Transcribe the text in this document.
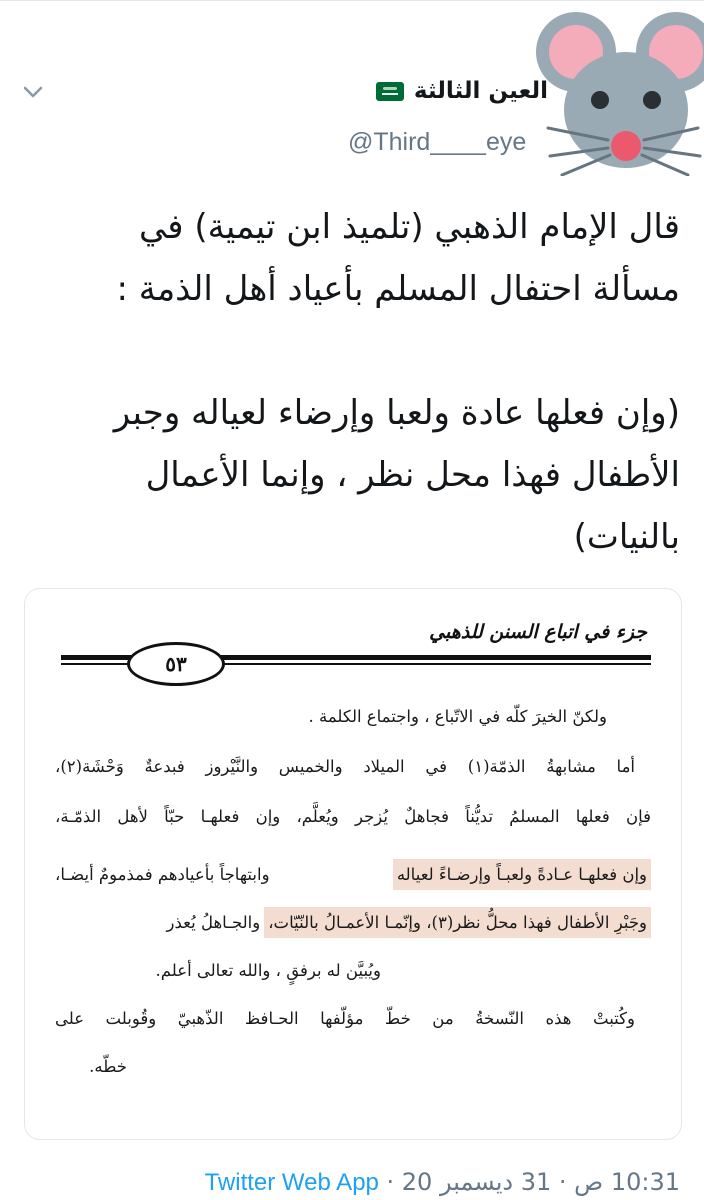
العين الثالثة
@Third____eye

قال الإمام الذهبي (تلميذ ابن تيمية) في

مسألة احتفال المسلم بأعياد أهل الذمة :

(وإن فعلها عادة ولعبا وإرضاء لعياله وجبر

الأطفال فهذا محل نظر ، وإنما الأعمال

بالنيات)

جزء في اتباع السنن للذهبي
٥٣
ولكنّ الخيرَ كلّه في الاتّباع ، واجتماع الكلمة .
أما مشابهةُ الذمّة(١) في الميلاد والخميس والنَّيْروز فبدعةٌ وَحْشَة(٢)،
فإن فعلها المسلمُ تديُّناً فجاهلٌ يُزجر ويُعلَّم، وإن فعلهـا حبّاً لأهل الذمّـة،
وإن فعلهـا عـادةً ولعبـاً وإرضـاءً لعياله
وابتهاجاً بأعيادهم فمذمومٌ أيضـا،
وجَبْرِ الأطفال فهذا محلُّ نظر(٣)، وإنّمـا الأعمـالُ بالنّيّات،
والجـاهلُ يُعذر
ويُبيَّن له برفقٍ ، والله تعالى أعلم.
وكُتبتْ هذه النّسخةُ من خطّ مؤلّفها الحـافظ الذّهبيّ وقُوبلت على
خطّه.
10:31 ص · 31 ديسمبر 20 · Twitter Web App
